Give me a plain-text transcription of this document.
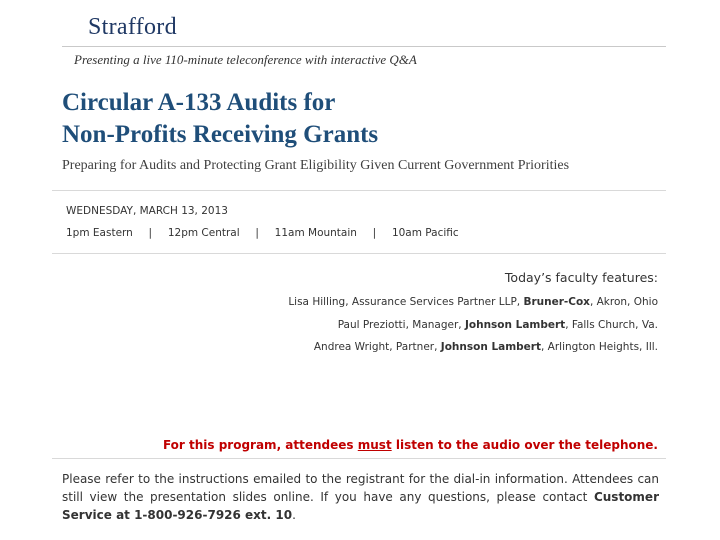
Strafford
Presenting a live 110-minute teleconference with interactive Q&A
Circular A-133 Audits for
Non-Profits Receiving Grants
Preparing for Audits and Protecting Grant Eligibility Given Current Government Priorities
WEDNESDAY, MARCH 13, 2013
1pm Eastern | 12pm Central | 11am Mountain | 10am Pacific
Today’s faculty features:
Lisa Hilling, Assurance Services Partner LLP, Bruner-Cox, Akron, Ohio
Paul Preziotti, Manager, Johnson Lambert, Falls Church, Va.
Andrea Wright, Partner, Johnson Lambert, Arlington Heights, Ill.
For this program, attendees must listen to the audio over the telephone.
Please refer to the instructions emailed to the registrant for the dial-in information. Attendees can still view the presentation slides online. If you have any questions, please contact Customer Service at 1-800-926-7926 ext. 10.
